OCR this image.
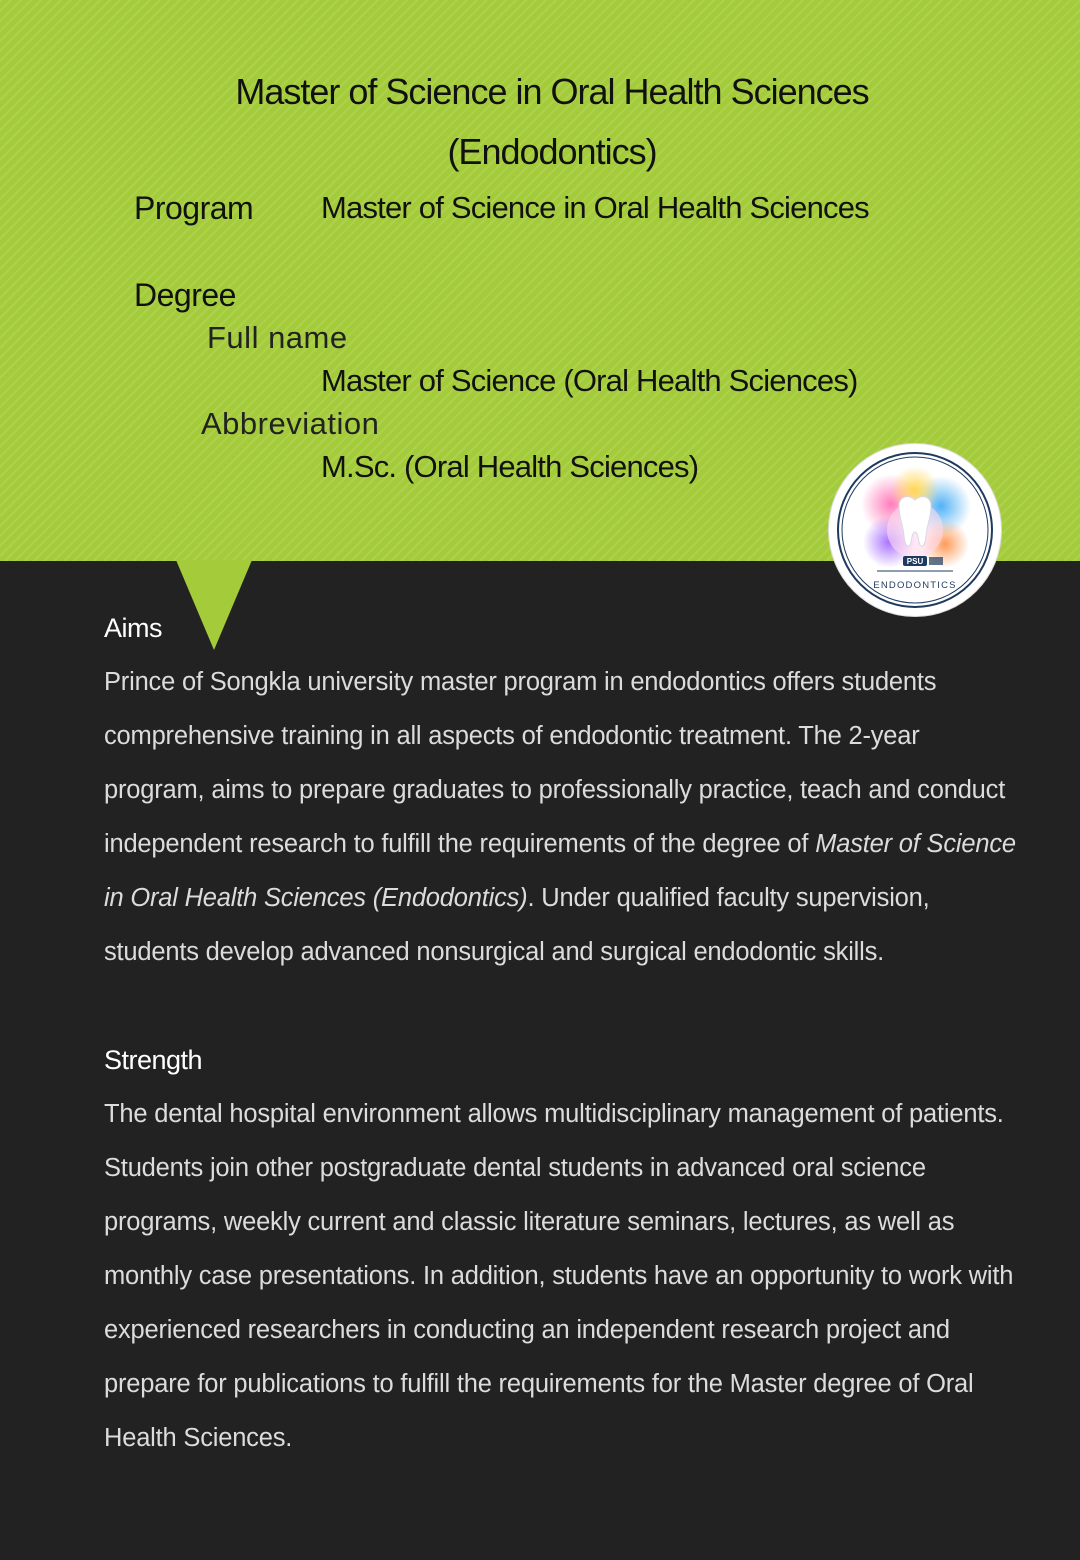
Master of Science in Oral Health Sciences
(Endodontics)
Program Master of Science in Oral Health Sciences
Degree
Full name
Master of Science (Oral Health Sciences)
Abbreviation
M.Sc. (Oral Health Sciences)
PSU
ENDODONTICS
Aims
Prince of Songkla university master program in endodontics offers students comprehensive training in all aspects of endodontic treatment. The 2-year program, aims to prepare graduates to professionally practice, teach and conduct independent research to fulfill the requirements of the degree of Master of Science in Oral Health Sciences (Endodontics). Under qualified faculty supervision, students develop advanced nonsurgical and surgical endodontic skills.
Strength
The dental hospital environment allows multidisciplinary management of patients. Students join other postgraduate dental students in advanced oral science programs, weekly current and classic literature seminars, lectures, as well as monthly case presentations. In addition, students have an opportunity to work with experienced researchers in conducting an independent research project and prepare for publications to fulfill the requirements for the Master degree of Oral Health Sciences.
